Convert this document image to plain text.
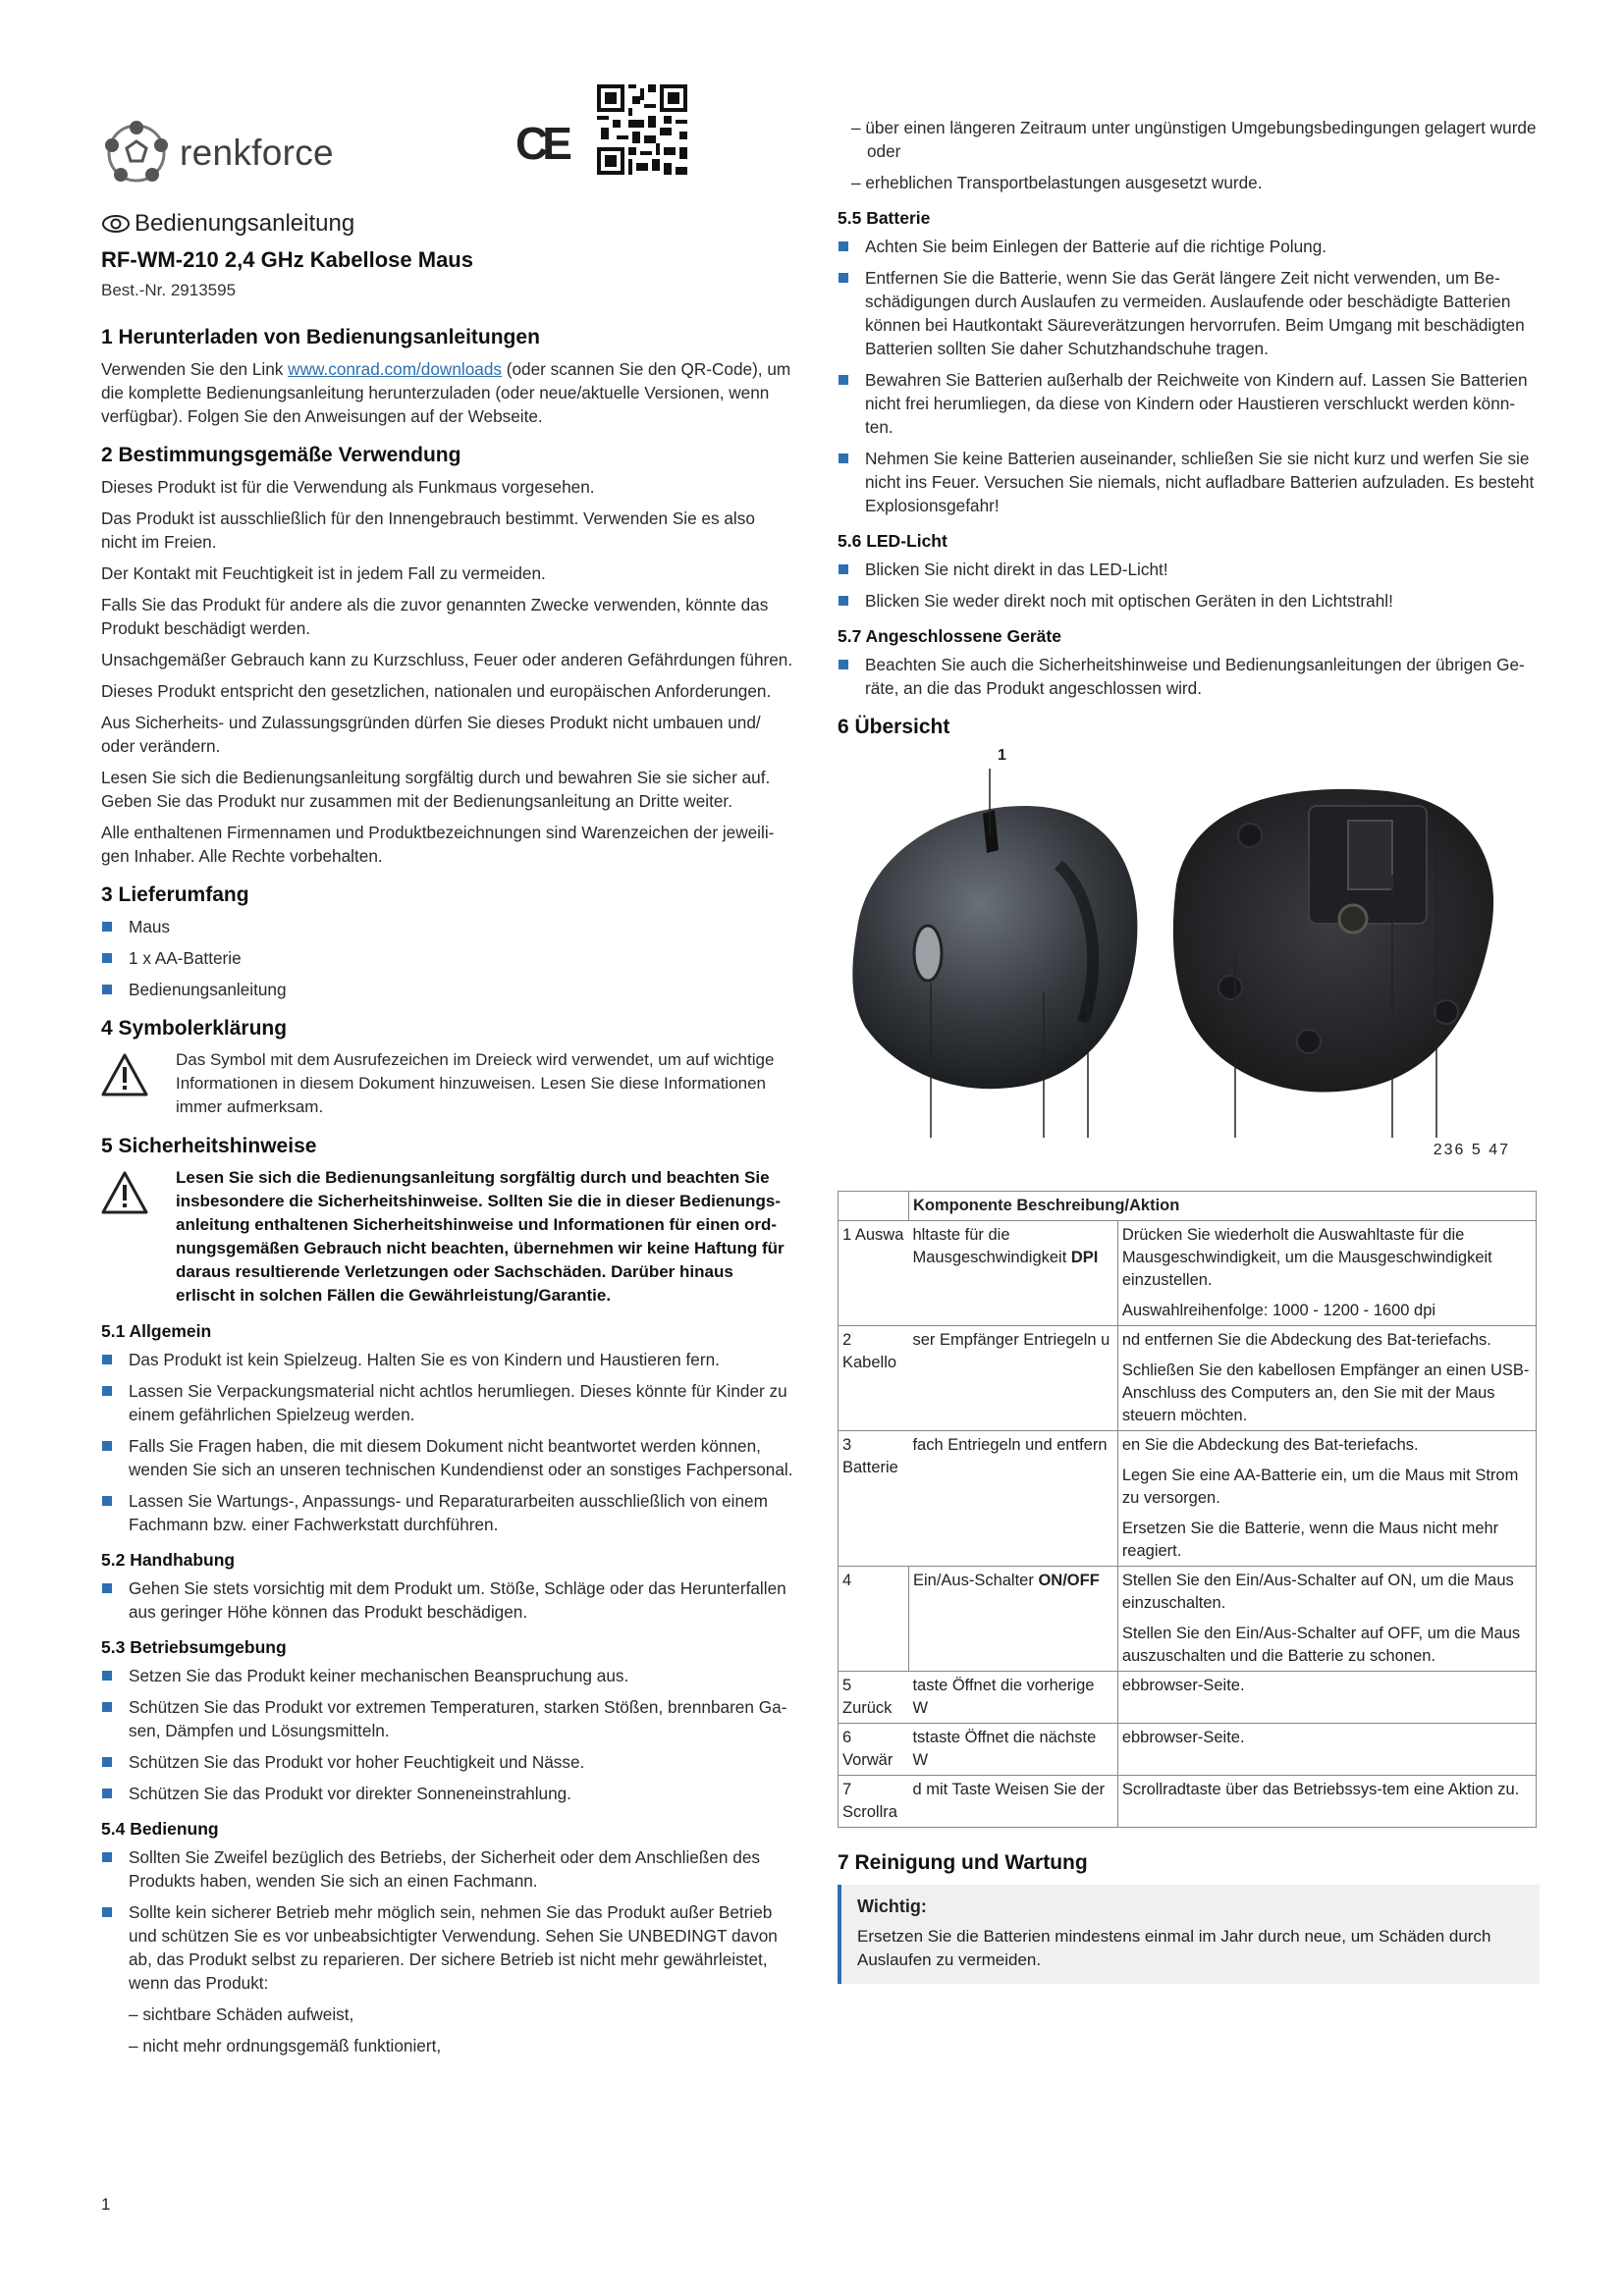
renkforce
Bedienungsanleitung
RF-WM-210 2,4 GHz Kabellose Maus
Best.-Nr. 2913595
1 Herunterladen von Bedienungsanleitungen

Verwenden Sie den Link www.conrad.com/downloads (oder scannen Sie den QR-Code), um die komplette Bedienungsanleitung herunterzuladen (oder neue/aktuelle Versionen, wenn verfügbar). Folgen Sie den Anweisungen auf der Webseite.

2 Bestimmungsgemäße Verwendung

Dieses Produkt ist für die Verwendung als Funkmaus vorgesehen.

Das Produkt ist ausschließlich für den Innengebrauch bestimmt. Verwenden Sie es also nicht im Freien.

Der Kontakt mit Feuchtigkeit ist in jedem Fall zu vermeiden.

Falls Sie das Produkt für andere als die zuvor genannten Zwecke verwenden, könnte das Produkt beschädigt werden.

Unsachgemäßer Gebrauch kann zu Kurzschluss, Feuer oder anderen Gefährdungen führen.

Dieses Produkt entspricht den gesetzlichen, nationalen und europäischen Anforderungen.

Aus Sicherheits- und Zulassungsgründen dürfen Sie dieses Produkt nicht umbauen und/ oder verändern.

Lesen Sie sich die Bedienungsanleitung sorgfältig durch und bewahren Sie sie sicher auf. Geben Sie das Produkt nur zusammen mit der Bedienungsanleitung an Dritte weiter.

Alle enthaltenen Firmennamen und Produktbezeichnungen sind Warenzeichen der jeweili-gen Inhaber. Alle Rechte vorbehalten.

3 Lieferumfang
Maus
1 x AA-Batterie
Bedienungsanleitung
4 Symbolerklärung

Das Symbol mit dem Ausrufezeichen im Dreieck wird verwendet, um auf wichtige Informationen in diesem Dokument hinzuweisen. Lesen Sie diese Informationen immer aufmerksam.

5 Sicherheitshinweise

Lesen Sie sich die Bedienungsanleitung sorgfältig durch und beachten Sie insbesondere die Sicherheitshinweise. Sollten Sie die in dieser Bedienungs-anleitung enthaltenen Sicherheitshinweise und Informationen für einen ord-nungsgemäßen Gebrauch nicht beachten, übernehmen wir keine Haftung für daraus resultierende Verletzungen oder Sachschäden. Darüber hinaus erlischt in solchen Fällen die Gewährleistung/Garantie.

5.1 Allgemein
Das Produkt ist kein Spielzeug. Halten Sie es von Kindern und Haustieren fern.
Lassen Sie Verpackungsmaterial nicht achtlos herumliegen. Dieses könnte für Kinder zu einem gefährlichen Spielzeug werden.
Falls Sie Fragen haben, die mit diesem Dokument nicht beantwortet werden können, wenden Sie sich an unseren technischen Kundendienst oder an sonstiges Fachpersonal.
Lassen Sie Wartungs-, Anpassungs- und Reparaturarbeiten ausschließlich von einem Fachmann bzw. einer Fachwerkstatt durchführen.
5.2 Handhabung
Gehen Sie stets vorsichtig mit dem Produkt um. Stöße, Schläge oder das Herunterfallen aus geringer Höhe können das Produkt beschädigen.
5.3 Betriebsumgebung
Setzen Sie das Produkt keiner mechanischen Beanspruchung aus.
Schützen Sie das Produkt vor extremen Temperaturen, starken Stößen, brennbaren Ga-sen, Dämpfen und Lösungsmitteln.
Schützen Sie das Produkt vor hoher Feuchtigkeit und Nässe.
Schützen Sie das Produkt vor direkter Sonneneinstrahlung.
5.4 Bedienung
Sollten Sie Zweifel bezüglich des Betriebs, der Sicherheit oder dem Anschließen des Produkts haben, wenden Sie sich an einen Fachmann.
Sollte kein sicherer Betrieb mehr möglich sein, nehmen Sie das Produkt außer Betrieb und schützen Sie es vor unbeabsichtigter Verwendung. Sehen Sie UNBEDINGT davon ab, das Produkt selbst zu reparieren. Der sichere Betrieb ist nicht mehr gewährleistet, wenn das Produkt:

– sichtbare Schäden aufweist,

– nicht mehr ordnungsgemäß funktioniert,

CE	– über einen längeren Zeitraum unter ungünstigen Umgebungsbedingungen gelagert wurde oder

– erheblichen Transportbelastungen ausgesetzt wurde.

5.5 Batterie
Achten Sie beim Einlegen der Batterie auf die richtige Polung.
Entfernen Sie die Batterie, wenn Sie das Gerät längere Zeit nicht verwenden, um Be-schädigungen durch Auslaufen zu vermeiden. Auslaufende oder beschädigte Batterien können bei Hautkontakt Säureverätzungen hervorrufen. Beim Umgang mit beschädigten Batterien sollten Sie daher Schutzhandschuhe tragen.
Bewahren Sie Batterien außerhalb der Reichweite von Kindern auf. Lassen Sie Batterien nicht frei herumliegen, da diese von Kindern oder Haustieren verschluckt werden könn-ten.
Nehmen Sie keine Batterien auseinander, schließen Sie sie nicht kurz und werfen Sie sie nicht ins Feuer. Versuchen Sie niemals, nicht aufladbare Batterien aufzuladen. Es besteht Explosionsgefahr!
5.6 LED-Licht
Blicken Sie nicht direkt in das LED-Licht!
Blicken Sie weder direkt noch mit optischen Geräten in den Lichtstrahl!
5.7 Angeschlossene Geräte
Beachten Sie auch die Sicherheitshinweise und Bedienungsanleitungen der übrigen Ge-räte, an die das Produkt angeschlossen wird.
6 Übersicht
1
236 5 47
	Komponente Beschreibung/Aktion	
1 Auswa	hltaste für die Mausgeschwindigkeit DPI	Drücken Sie wiederholt die Auswahltaste für die Mausgeschwindigkeit, um die Mausgeschwindigkeit einzustellen.
Auswahlreihenfolge: 1000 - 1200 - 1600 dpi

2 Kabello	ser Empfänger Entriegeln u	nd entfernen Sie die Abdeckung des Bat-teriefachs.
Schließen Sie den kabellosen Empfänger an einen USB-Anschluss des Computers an, den Sie mit der Maus steuern möchten.

3 Batterie	fach Entriegeln und entfern	en Sie die Abdeckung des Bat-teriefachs.
Legen Sie eine AA-Batterie ein, um die Maus mit Strom zu versorgen.
Ersetzen Sie die Batterie, wenn die Maus nicht mehr reagiert.

4	Ein/Aus-Schalter ON/OFF	Stellen Sie den Ein/Aus-Schalter auf ON, um die Maus einzuschalten.
Stellen Sie den Ein/Aus-Schalter auf OFF, um die Maus auszuschalten und die Batterie zu schonen.

5 Zurück	taste Öffnet die vorherige W	ebbrowser-Seite.

6 Vorwär	tstaste Öffnet die nächste W	ebbrowser-Seite.

7 Scrollra	d mit Taste Weisen Sie der	Scrollradtaste über das Betriebssys-tem eine Aktion zu.
7 Reinigung und Wartung
Wichtig:
Ersetzen Sie die Batterien mindestens einmal im Jahr durch neue, um Schäden durch Auslaufen zu vermeiden.
1
